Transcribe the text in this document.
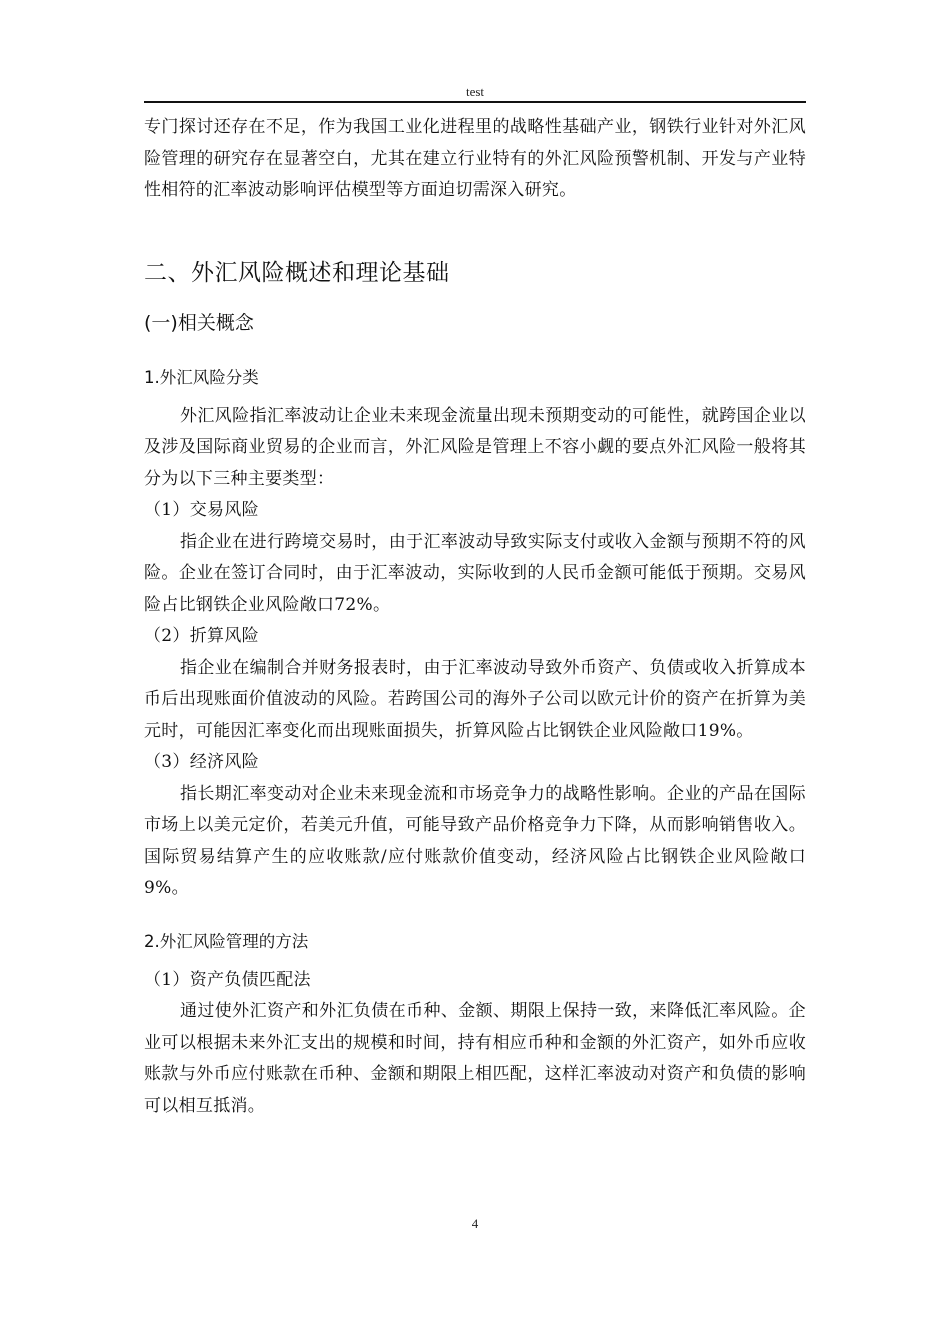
test

专门探讨还存在不足，作为我国工业化进程里的战略性基础产业，钢铁行业针对外汇风险管理的研究存在显著空白，尤其在建立行业特有的外汇风险预警机制、开发与产业特性相符的汇率波动影响评估模型等方面迫切需深入研究。

二、外汇风险概述和理论基础
(一)相关概念
1.外汇风险分类

外汇风险指汇率波动让企业未来现金流量出现未预期变动的可能性，就跨国企业以及涉及国际商业贸易的企业而言，外汇风险是管理上不容小觑的要点外汇风险一般将其分为以下三种主要类型：

（1）交易风险

指企业在进行跨境交易时，由于汇率波动导致实际支付或收入金额与预期不符的风险。企业在签订合同时，由于汇率波动，实际收到的人民币金额可能低于预期。交易风险占比钢铁企业风险敞口72%。

（2）折算风险

指企业在编制合并财务报表时，由于汇率波动导致外币资产、负债或收入折算成本币后出现账面价值波动的风险。若跨国公司的海外子公司以欧元计价的资产在折算为美元时，可能因汇率变化而出现账面损失，折算风险占比钢铁企业风险敞口19%。

（3）经济风险

指长期汇率变动对企业未来现金流和市场竞争力的战略性影响。企业的产品在国际市场上以美元定价，若美元升值，可能导致产品价格竞争力下降，从而影响销售收入。国际贸易结算产生的应收账款/应付账款价值变动，经济风险占比钢铁企业风险敞口9%。

2.外汇风险管理的方法

（1）资产负债匹配法

通过使外汇资产和外汇负债在币种、金额、期限上保持一致，来降低汇率风险。企业可以根据未来外汇支出的规模和时间，持有相应币种和金额的外汇资产，如外币应收账款与外币应付账款在币种、金额和期限上相匹配，这样汇率波动对资产和负债的影响可以相互抵消。

4
